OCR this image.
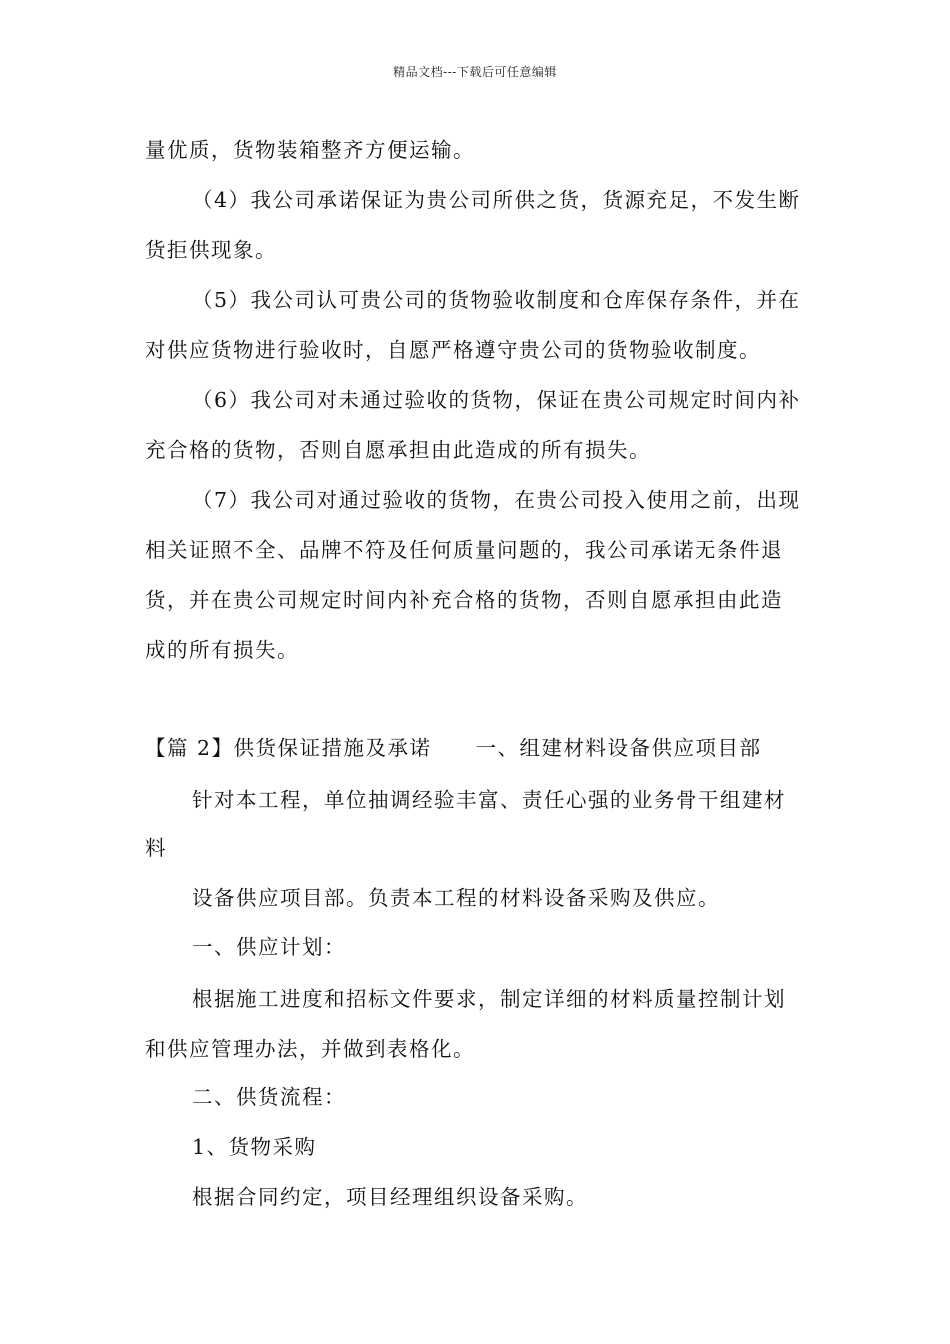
精品文档---下载后可任意编辑
量优质，货物装箱整齐方便运输。
（4）我公司承诺保证为贵公司所供之货，货源充足，不发生断
货拒供现象。
（5）我公司认可贵公司的货物验收制度和仓库保存条件，并在
对供应货物进行验收时，自愿严格遵守贵公司的货物验收制度。
（6）我公司对未通过验收的货物，保证在贵公司规定时间内补
充合格的货物，否则自愿承担由此造成的所有损失。
（7）我公司对通过验收的货物，在贵公司投入使用之前，出现
相关证照不全、品牌不符及任何质量问题的，我公司承诺无条件退
货，并在贵公司规定时间内补充合格的货物，否则自愿承担由此造
成的所有损失。
【篇 2】供货保证措施及承诺 一、组建材料设备供应项目部
针对本工程，单位抽调经验丰富、责任心强的业务骨干组建材
料
设备供应项目部。负责本工程的材料设备采购及供应。
一、供应计划：
根据施工进度和招标文件要求，制定详细的材料质量控制计划
和供应管理办法，并做到表格化。
二、供货流程：
1、货物采购
根据合同约定，项目经理组织设备采购。
